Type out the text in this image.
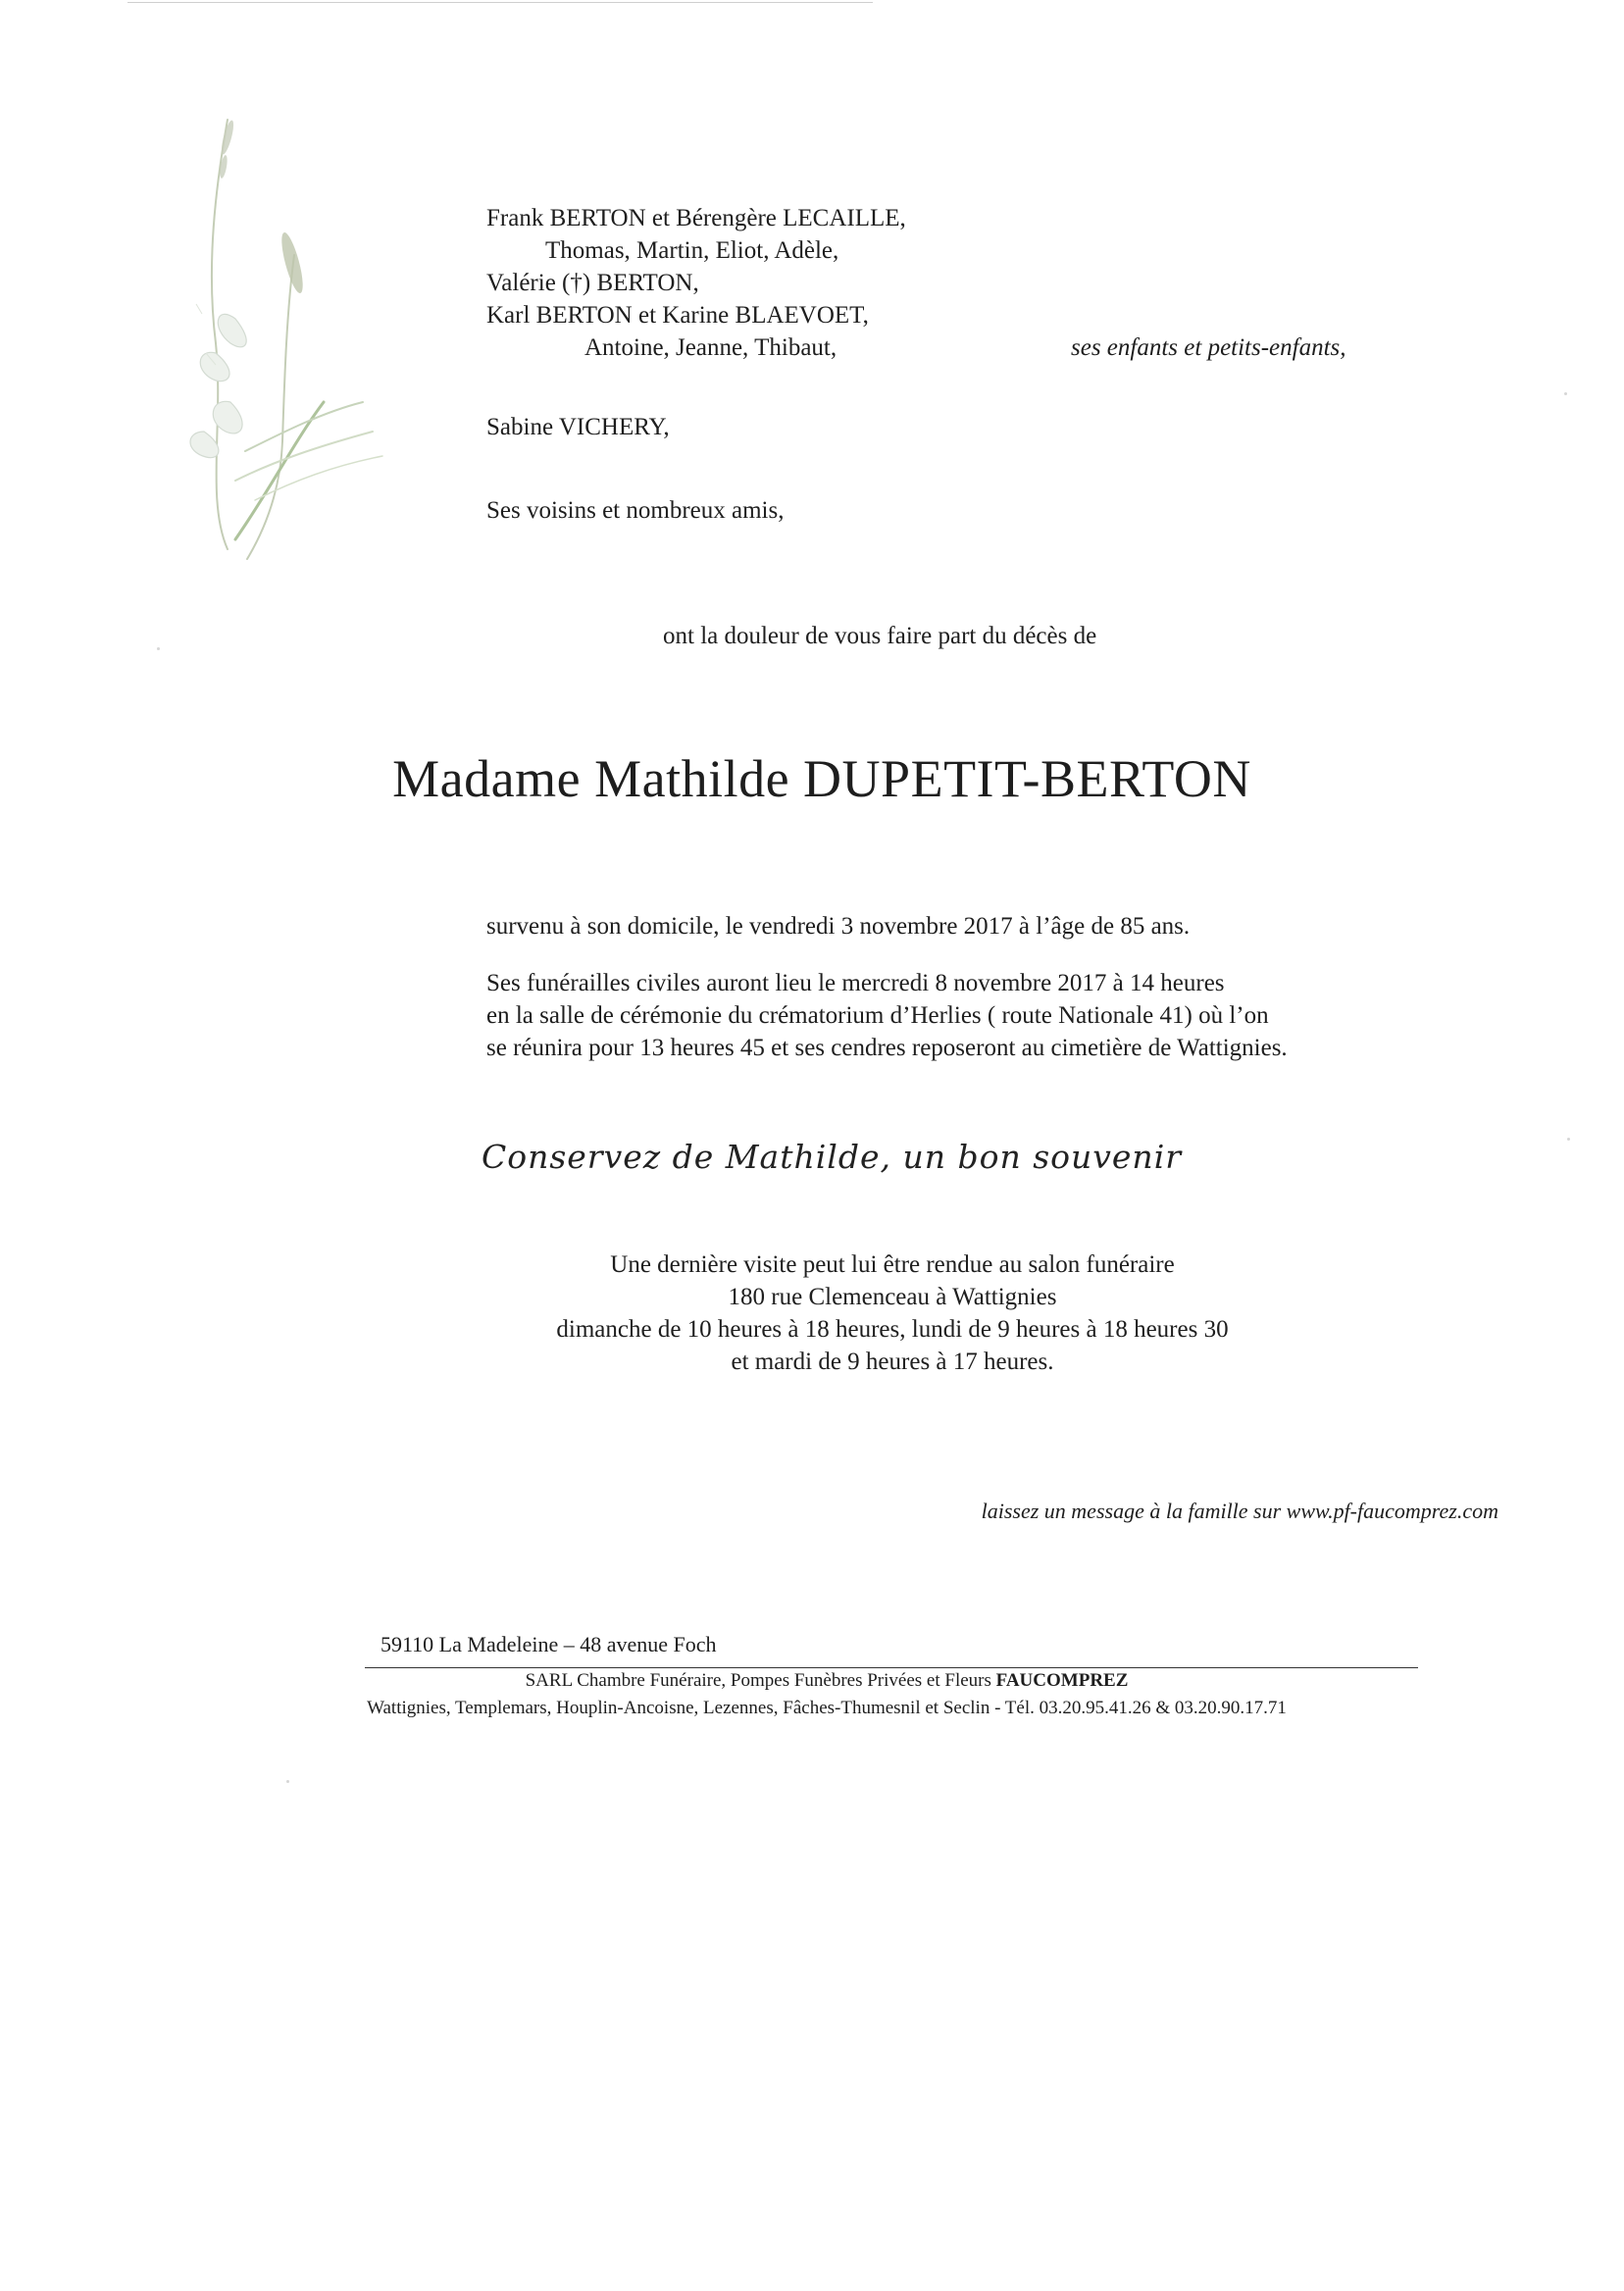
Frank BERTON et Bérengère LECAILLE,
Thomas, Martin, Eliot, Adèle,
Valérie (†) BERTON,
Karl BERTON et Karine BLAEVOET,
Antoine, Jeanne, Thibaut,	ses enfants et petits-enfants,
Sabine VICHERY,
Ses voisins et nombreux amis,
ont la douleur de vous faire part du décès de
Madame Mathilde DUPETIT-BERTON
survenu à son domicile, le vendredi 3 novembre 2017 à l’âge de 85 ans.
Ses funérailles civiles auront lieu le mercredi 8 novembre 2017 à 14 heures
en la salle de cérémonie du crématorium d’Herlies ( route Nationale 41) où l’on
se réunira pour 13 heures 45 et ses cendres reposeront au cimetière de Wattignies.
Conservez de Mathilde, un bon souvenir
Une dernière visite peut lui être rendue au salon funéraire
180 rue Clemenceau à Wattignies
dimanche de 10 heures à 18 heures, lundi de 9 heures à 18 heures 30
et mardi de 9 heures à 17 heures.
laissez un message à la famille sur www.pf-faucomprez.com
59110 La Madeleine – 48 avenue Foch
SARL Chambre Funéraire, Pompes Funèbres Privées et Fleurs FAUCOMPREZ
Wattignies, Templemars, Houplin-Ancoisne, Lezennes, Fâches-Thumesnil et Seclin - Tél. 03.20.95.41.26 & 03.20.90.17.71
